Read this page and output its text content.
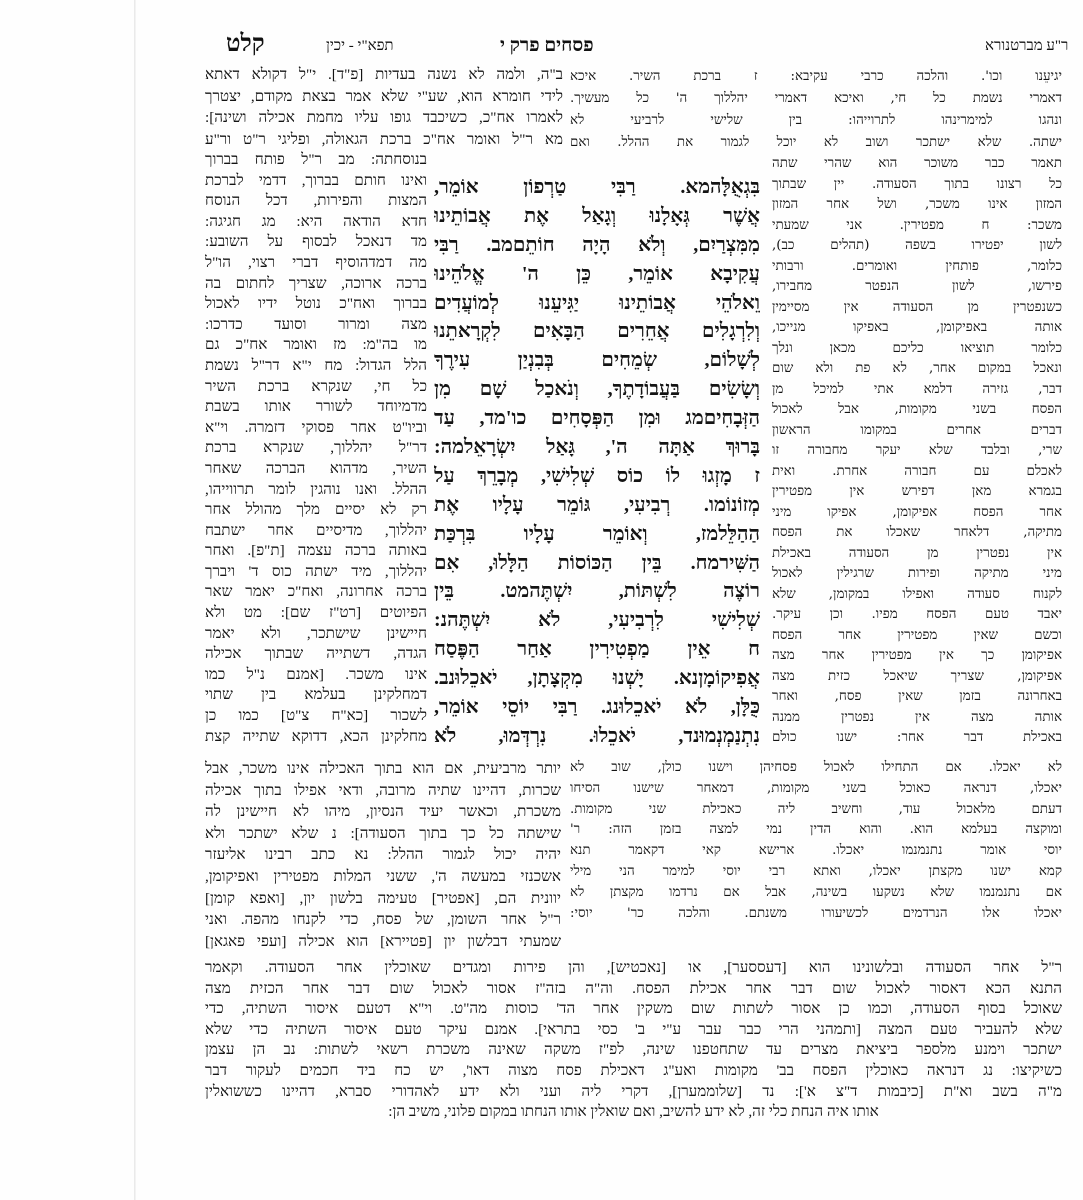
קלט	תפא"י - יכין	פסחים פרק י	ר"ע מברטנורא
יגיעֵנו וכו'. והלכה כרבי עקיבא: ז ברכת השיר. איכא
דאמרי נשמת כל חי, ואיכא דאמרי יהללוך ה' כל מעשיך.
ונהגו למימרינהו לתרוייהו: בין שלישי לרביעי לא
ישתה. שלא ישתכר ושוב לא יוכל לגמור את ההלל. ואם
תאמר כבר משוכר הוא שהרי שתה
כל רצונו בתוך הסעודה. יין שבתוך
המזון אינו משכר, ושל אחר המזון
משכר: ח מפטירין. אני שמעתי
לשון יפטירו בשפה (תהלים כב),
כלומר, פותחין ואומרים. ורבותי
פירשו, לשון הנפטר מחבירו,
כשנפטרין מן הסעודה אין מסיימין
אותה באפיקומן, באפיקו מנייכו,
כלומר תוציאו כליכם מכאן ונלך
ונאכל במקום אחר, לא פת ולא שום
דבר, גזירה דלמא אתי למיכל מן
הפסח בשני מקומות, אבל לאכול
דברים אחרים במקומו הראשון
שרי, ובלבד שלא יעקר מחבורה זו
לאכלם עם חבורה אחרת. ואית
בגמרא מאן דפירש אין מפטירין
אחר הפסח אפיקומן, אפיקו מיני
מתיקה, דלאחר שאכלו את הפסח
אין נפטרין מן הסעודה באכילת
מיני מתיקה ופירות שרגילין לאכול
לקנוח סעודה ואפילו במקומן, שלא
יאבד טעם הפסח מפיו. וכן עיקר.
וכשם שאין מפטירין אחר הפסח
אפיקומן כך אין מפטירין אחר מצה
אפיקומן, שצריך שיאכל כזית מצה
באחרונה בזמן שאין פסח, ואחר
אותה מצה אין נפטרין ממנה
באכילת דבר אחר: ישנו כולם
לא יאכלו. אם התחילו לאכול פסחיהן וישנו כולן, שוב לא
יאכלו, דנראה כאוכל בשני מקומות, דמאחר שישנו הסיחו
דעתם מלאכול עוד, וחשיב ליה כאכילת שני מקומות.
ומוקצה בעלמא הוא. והוא הדין נמי למצה בזמן הזה: ר'
יוסי אומר נתנמנמו יאכלו. ארישא קאי דקאמר תנא
קמא ישנו מקצתן יאכלו, ואתא רבי יוסי למימר הני מילי
אם נתנמנמו שלא נשקעו בשינה, אבל אם נרדמו מקצתן לא
יאכלו אלו הנרדמים לכשיעורו משנתם. והלכה כר' יוסי:
בִּגְאֻלָּהמא. רַבִּי טַרְפוֹן אוֹמֵר,
אֲשֶׁר גְּאָלָנוּ וְגָאַל אֶת אֲבוֹתֵינוּ
מִמִּצְרַיִם, וְלֹא הָיָה חוֹתֵםמב. רַבִּי
עֲקִיבָא אוֹמֵר, כֵּן ה' אֱלֹהֵינוּ
וֵאלֹהֵי אֲבוֹתֵינוּ יַגִּיעֵנוּ לְמוֹעֲדִים
וְלִרְגָלִים אֲחֵרִים הַבָּאִים לִקְרָאתֵנוּ
לְשָׁלוֹם, שְׂמֵחִים בְּבִנְיַן עִירֶךָ
וְשָׂשִׂים בַּעֲבוֹדָתֶךָ, וְנֹאכַל שָׁם מִן
הַזְּבָחִיםמג וּמִן הַפְּסָחִים כו'מד, עַד
בָּרוּךְ אַתָּה ה', גָּאַל יִשְׂרָאֵלמה:
ז מָזְגוּ לוֹ כוֹס שְׁלִישִׁי, מְבָרֵךְ עַל
מְזוֹנוֹמו. רְבִיעִי, גּוֹמֵר עָלָיו אֶת
הַהַלֵּלמז, וְאוֹמֵר עָלָיו בִּרְכַּת
הַשִּׁירמח. בֵּין הַכּוֹסוֹת הַלָּלוּ, אִם
רוֹצֶה לִשְׁתּוֹת, יִשְׁתֶּהמט. בֵּין
שְׁלִישִׁי לִרְבִיעִי, לֹא יִשְׁתֶּהנ:
ח אֵין מַפְטִירִין אַחַר הַפֶּסַח
אֲפִיקוֹמָןנא. יָשְׁנוּ מִקְצָתָן, יֹאכֵלוּנב.
כֻּלָּן, לֹא יֹאכֵלוּנג. רַבִּי יוֹסֵי אוֹמֵר,
נִתְנַמְנְמוּנד, יֹאכֵלוּ. נִרְדְּמוּ, לֹא
ב"ה, ולמה לא נשנה בעדיות [פ"ד]. י"ל דקולא דאתא
לידי חומרא הוא, שע"י שלא אמר בצאת מקודם, יצטרך
לאמרו אח"כ, כשיכבד גופו עליו מחמת אכילה ושינה]:
מא ר"ל ואומר אח"כ ברכת הגאולה, ופליגי ר"ט ור"ע
בנוסחתה: מב ר"ל פותח בברוך
ואינו חותם בברוך, דדמי לברכת
המצות והפירות, דכל הנוסח
חדא הודאה היא: מג חגיגה:
מד דנאכל לבסוף על השובע:
מה דמדהוסיף דברי רצוי, הו"ל
ברכה ארוכה, שצריך לחתום בה
בברוך ואח"כ נוטל ידיו לאכול
מצה ומרור וסועד כדרכו:
מו בה"מ: מז ואומר אח"כ גם
הלל הגדול: מח י"א דר"ל נשמת
כל חי, שנקרא ברכת השיר
מדמיוחד לשורר אותו בשבת
וביו"ט אחר פסוקי דזמרה. וי"א
דר"ל יהללוך, שנקרא ברכת
השיר, מדהוא הברכה שאחר
ההלל. ואנו נוהגין לומר תרווייהו,
רק לא יסיים מלך מהולל אחר
יהללוך, מדיסיים אחר ישתבח
באותה ברכה עצמה [ת"פ]. ואחר
יהללוך, מיד ישתה כוס ד' ויברך
ברכה אחרונה, ואח"כ יאמר שאר
הפיוטים [רט"ז שם]: מט ולא
חיישינן שישתכר, ולא יאמר
הגדה, דשתייה שבתוך אכילה
אינו משכר. [אמנם נ"ל כמו
דמחלקינן בעלמא בין שתוי
לשכור [כא"ח צ"ט] כמו כן
מחלקינן הכא, דדוקא שתייה קצת
יותר מרביעית, אם הוא בתוך האכילה אינו משכר, אבל
שכרות, דהיינו שתיה מרובה, ודאי אפילו בתוך אכילה
משכרת, וכאשר יעיד הנסיון, מיהו לא חיישינן לה
שישתה כל כך בתוך הסעודה]: נ שלא ישתכר ולא
יהיה יכול לגמור ההלל: נא כתב רבינו אליעזר
אשכנזי במעשה ה', ששני המלות מפטירין ואפיקומן,
יוונית הם, [אפטיר] טעימה בלשון יון, [ואפא קומן]
ר"ל אחר השומן, של פסח, כדי לקנחו מהפה. ואני
שמעתי דבלשון יון [פטיירא] הוא אכילה [ועפי פאגאן]
ר"ל אחר הסעודה ובלשונינו הוא [דעססער], או [נאכטיש], והן פירות ומגדים שאוכלין אחר הסעודה. וקאמר
התנא הכא דאסור לאכול שום דבר אחר אכילת הפסח. וה"ה בזה"ז אסור לאכול שום דבר אחר הכזית מצה
שאוכל בסוף הסעודה, וכמו כן אסור לשתות שום משקין אחר הד' כוסות מה"ט. וי"א דטעם איסור השתיה, כדי
שלא להעביר טעם המצה [ותמהני הרי כבר עבר ע"י ב' כסי בתראי]. אמנם עיקר טעם איסור השתיה כדי שלא
ישתכר וימנע מלספר ביציאת מצרים עד שתחטפנו שינה, לפ"ז משקה שאינה משכרת רשאי לשתות: נב הן עצמן
כשיקיצו: נג דנראה כאוכלין הפסח בב' מקומות ואע"ג דאכילת פסח מצוה דאו', יש כח ביד חכמים לעקור דבר
מ"ה בשב וא"ת [כיבמות ד"צ א']: נד [שלוממערן], דקרי ליה ועני ולא ידע לאהדורי סברא, דהיינו כששואלין
אותו איה הנחת כלי זה, לא ידע להשיב, ואם שואלין אותו הנחתו במקום פלוני, משיב הן:
